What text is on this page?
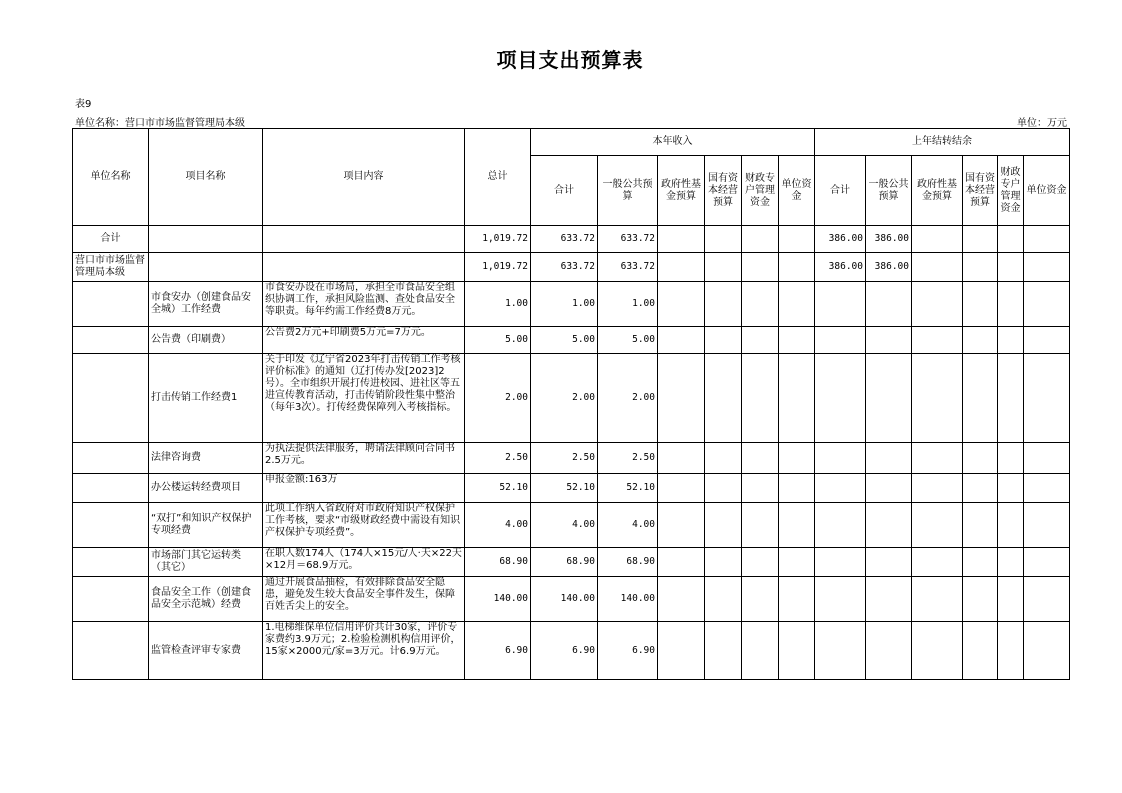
项目支出预算表
表9
单位名称：营口市市场监督管理局本级	单位：万元
单位名称	项目名称	项目内容	总计	本年收入						上年结转结余					
				合计	一般公共预算	政府性基金预算	国有资本经营预算	财政专户管理资金	单位资金	合计	一般公共预算	政府性基金预算	国有资本经营预算	财政专户管理资金	单位资金
合计			1,019.72	633.72	633.72					386.00	386.00				
营口市市场监督管理局本级			1,019.72	633.72	633.72					386.00	386.00				
	市食安办（创建食品安全城）工作经费	市食安办设在市场局，承担全市食品安全组织协调工作，承担风险监测、查处食品安全等职责。每年约需工作经费8万元。	1.00	1.00	1.00										
	公告费（印刷费）	公告费2万元+印刷费5万元=7万元。	5.00	5.00	5.00										
	打击传销工作经费1	关于印发《辽宁省2023年打击传销工作考核评价标准》的通知（辽打传办发[2023]2号）。全市组织开展打传进校园、进社区等五进宣传教育活动，打击传销阶段性集中整治（每年3次）。打传经费保障列入考核指标。	2.00	2.00	2.00										
	法律咨询费	为执法提供法律服务，聘请法律顾问合同书2.5万元。	2.50	2.50	2.50										
	办公楼运转经费项目	申报金额:163万	52.10	52.10	52.10										
	“双打”和知识产权保护专项经费	此项工作纳入省政府对市政府知识产权保护工作考核，要求“市级财政经费中需设有知识产权保护专项经费”。	4.00	4.00	4.00										
	市场部门其它运转类（其它）	在职人数174人（174人×15元/人·天×22天×12月＝68.9万元。	68.90	68.90	68.90										
	食品安全工作（创建食品安全示范城）经费	通过开展食品抽检，有效排除食品安全隐患，避免发生较大食品安全事件发生，保障百姓舌尖上的安全。	140.00	140.00	140.00										
	监管检查评审专家费	1.电梯维保单位信用评价共计30家，评价专家费约3.9万元；2.检验检测机构信用评价，15家×2000元/家=3万元。计6.9万元。	6.90	6.90	6.90										
